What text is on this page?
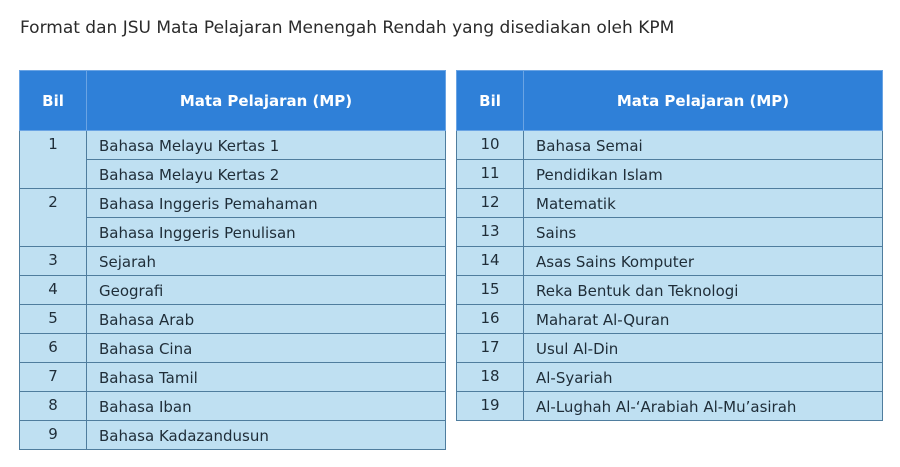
Format dan JSU Mata Pelajaran Menengah Rendah yang disediakan oleh KPM
Bil	Mata Pelajaran (MP)
1	Bahasa Melayu Kertas 1
	Bahasa Melayu Kertas 2
2	Bahasa Inggeris Pemahaman
	Bahasa Inggeris Penulisan
3	Sejarah
4	Geografi
5	Bahasa Arab
6	Bahasa Cina
7	Bahasa Tamil
8	Bahasa Iban
9	Bahasa Kadazandusun
Bil	Mata Pelajaran (MP)
10	Bahasa Semai
11	Pendidikan Islam
12	Matematik
13	Sains
14	Asas Sains Komputer
15	Reka Bentuk dan Teknologi
16	Maharat Al-Quran
17	Usul Al-Din
18	Al-Syariah
19	Al-Lughah Al-‘Arabiah Al-Mu’asirah
